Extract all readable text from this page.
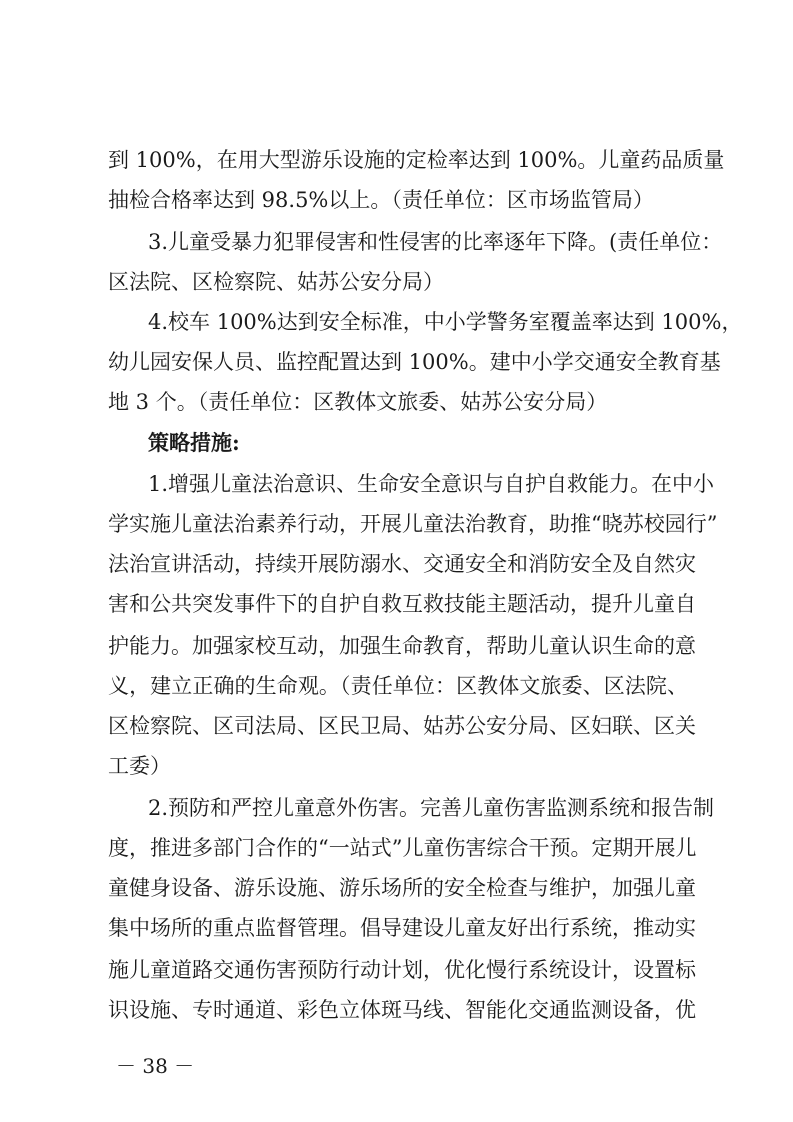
到 100%，在用大型游乐设施的定检率达到 100%。儿童药品质量
抽检合格率达到 98.5%以上。（责任单位：区市场监管局）
3.儿童受暴力犯罪侵害和性侵害的比率逐年下降。(责任单位：
区法院、区检察院、姑苏公安分局）
4.校车 100%达到安全标准，中小学警务室覆盖率达到 100%，
幼儿园安保人员、监控配置达到 100%。建中小学交通安全教育基
地 3 个。（责任单位：区教体文旅委、姑苏公安分局）
策略措施:
1.增强儿童法治意识、生命安全意识与自护自救能力。在中小
学实施儿童法治素养行动，开展儿童法治教育，助推“晓苏校园行”
法治宣讲活动，持续开展防溺水、交通安全和消防安全及自然灾
害和公共突发事件下的自护自救互救技能主题活动，提升儿童自
护能力。加强家校互动，加强生命教育，帮助儿童认识生命的意
义，建立正确的生命观。（责任单位：区教体文旅委、区法院、
区检察院、区司法局、区民卫局、姑苏公安分局、区妇联、区关
工委）
2.预防和严控儿童意外伤害。完善儿童伤害监测系统和报告制
度，推进多部门合作的“一站式”儿童伤害综合干预。定期开展儿
童健身设备、游乐设施、游乐场所的安全检查与维护，加强儿童
集中场所的重点监督管理。倡导建设儿童友好出行系统，推动实
施儿童道路交通伤害预防行动计划，优化慢行系统设计，设置标
识设施、专时通道、彩色立体斑马线、智能化交通监测设备，优
－ 38 －
